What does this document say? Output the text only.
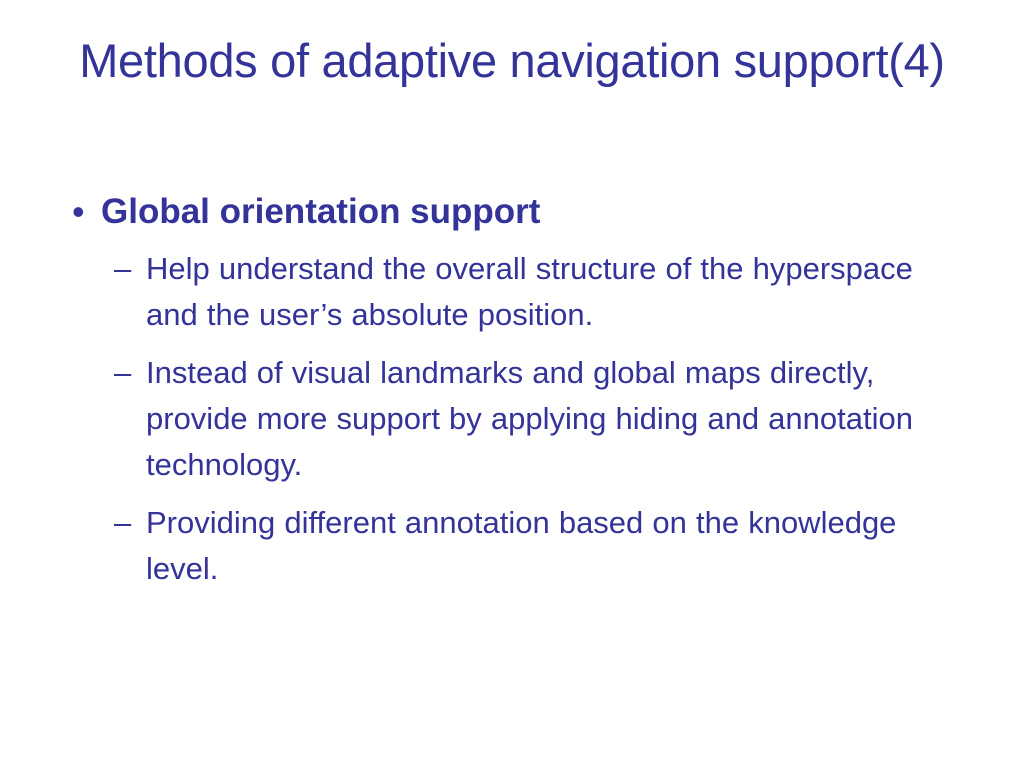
Methods of adaptive navigation support(4)
• Global orientation support

– Help understand the overall structure of the hyperspace and the user’s absolute position.

– Instead of visual landmarks and global maps directly, provide more support by applying hiding and annotation technology.

– Providing different annotation based on the knowledge level.
